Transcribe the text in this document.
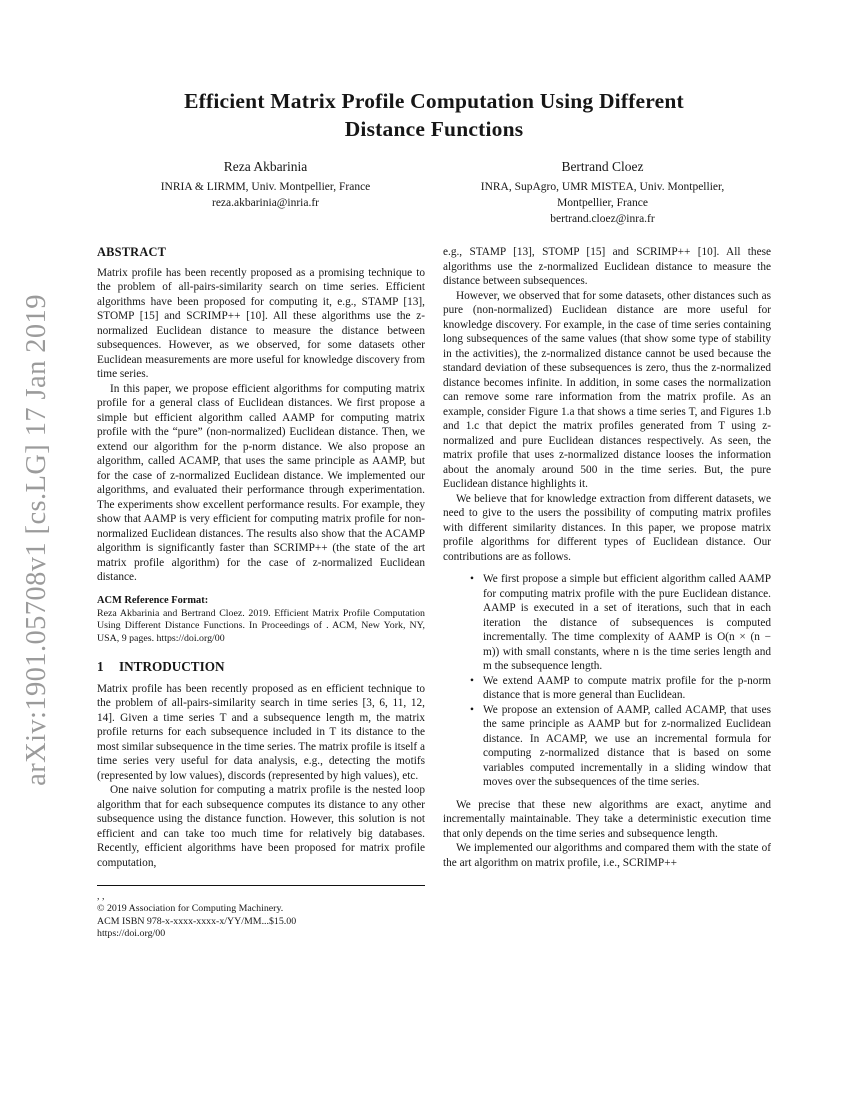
arXiv:1901.05708v1 [cs.LG] 17 Jan 2019
Efficient Matrix Profile Computation Using Different
Distance Functions

Reza Akbarinia

INRIA & LIRMM, Univ. Montpellier, France

reza.akbarinia@inria.fr

Bertrand Cloez

INRA, SupAgro, UMR MISTEA, Univ. Montpellier,

Montpellier, France

bertrand.cloez@inra.fr

ABSTRACT

Matrix profile has been recently proposed as a promising technique to the problem of all-pairs-similarity search on time series. Efficient algorithms have been proposed for computing it, e.g., STAMP [13], STOMP [15] and SCRIMP++ [10]. All these algorithms use the z-normalized Euclidean distance to measure the distance between subsequences. However, as we observed, for some datasets other Euclidean measurements are more useful for knowledge discovery from time series.

In this paper, we propose efficient algorithms for computing matrix profile for a general class of Euclidean distances. We first propose a simple but efficient algorithm called AAMP for computing matrix profile with the “pure” (non-normalized) Euclidean distance. Then, we extend our algorithm for the p-norm distance. We also propose an algorithm, called ACAMP, that uses the same principle as AAMP, but for the case of z-normalized Euclidean distance. We implemented our algorithms, and evaluated their performance through experimentation. The experiments show excellent performance results. For example, they show that AAMP is very efficient for computing matrix profile for non-normalized Euclidean distances. The results also show that the ACAMP algorithm is significantly faster than SCRIMP++ (the state of the art matrix profile algorithm) for the case of z-normalized Euclidean distance.

ACM Reference Format:

Reza Akbarinia and Bertrand Cloez. 2019. Efficient Matrix Profile Computation Using Different Distance Functions. In Proceedings of . ACM, New York, NY, USA, 9 pages. https://doi.org/00

1 INTRODUCTION

Matrix profile has been recently proposed as en efficient technique to the problem of all-pairs-similarity search in time series [3, 6, 11, 12, 14]. Given a time series T and a subsequence length m, the matrix profile returns for each subsequence included in T its distance to the most similar subsequence in the time series. The matrix profile is itself a time series very useful for data analysis, e.g., detecting the motifs (represented by low values), discords (represented by high values), etc.

One naive solution for computing a matrix profile is the nested loop algorithm that for each subsequence computes its distance to any other subsequence using the distance function. However, this solution is not efficient and can take too much time for relatively big databases. Recently, efficient algorithms have been proposed for matrix profile computation,

, ,

© 2019 Association for Computing Machinery.

ACM ISBN 978-x-xxxx-xxxx-x/YY/MM...$15.00

https://doi.org/00

e.g., STAMP [13], STOMP [15] and SCRIMP++ [10]. All these algorithms use the z-normalized Euclidean distance to measure the distance between subsequences.

However, we observed that for some datasets, other distances such as pure (non-normalized) Euclidean distance are more useful for knowledge discovery. For example, in the case of time series containing long subsequences of the same values (that show some type of stability in the activities), the z-normalized distance cannot be used because the standard deviation of these subsequences is zero, thus the z-normalized distance becomes infinite. In addition, in some cases the normalization can remove some rare information from the matrix profile. As an example, consider Figure 1.a that shows a time series T, and Figures 1.b and 1.c that depict the matrix profiles generated from T using z-normalized and pure Euclidean distances respectively. As seen, the matrix profile that uses z-normalized distance looses the information about the anomaly around 500 in the time series. But, the pure Euclidean distance highlights it.

We believe that for knowledge extraction from different datasets, we need to give to the users the possibility of computing matrix profiles with different similarity distances. In this paper, we propose matrix profile algorithms for different types of Euclidean distance. Our contributions are as follows.

• We first propose a simple but efficient algorithm called AAMP for computing matrix profile with the pure Euclidean distance. AAMP is executed in a set of iterations, such that in each iteration the distance of subsequences is computed incrementally. The time complexity of AAMP is O(n × (n − m)) with small constants, where n is the time series length and m the subsequence length.
• We extend AAMP to compute matrix profile for the p-norm distance that is more general than Euclidean.
• We propose an extension of AAMP, called ACAMP, that uses the same principle as AAMP but for z-normalized Euclidean distance. In ACAMP, we use an incremental formula for computing z-normalized distance that is based on some variables computed incrementally in a sliding window that moves over the subsequences of the time series.

We precise that these new algorithms are exact, anytime and incrementally maintainable. They take a deterministic execution time that only depends on the time series and subsequence length.

We implemented our algorithms and compared them with the state of the art algorithm on matrix profile, i.e., SCRIMP++
